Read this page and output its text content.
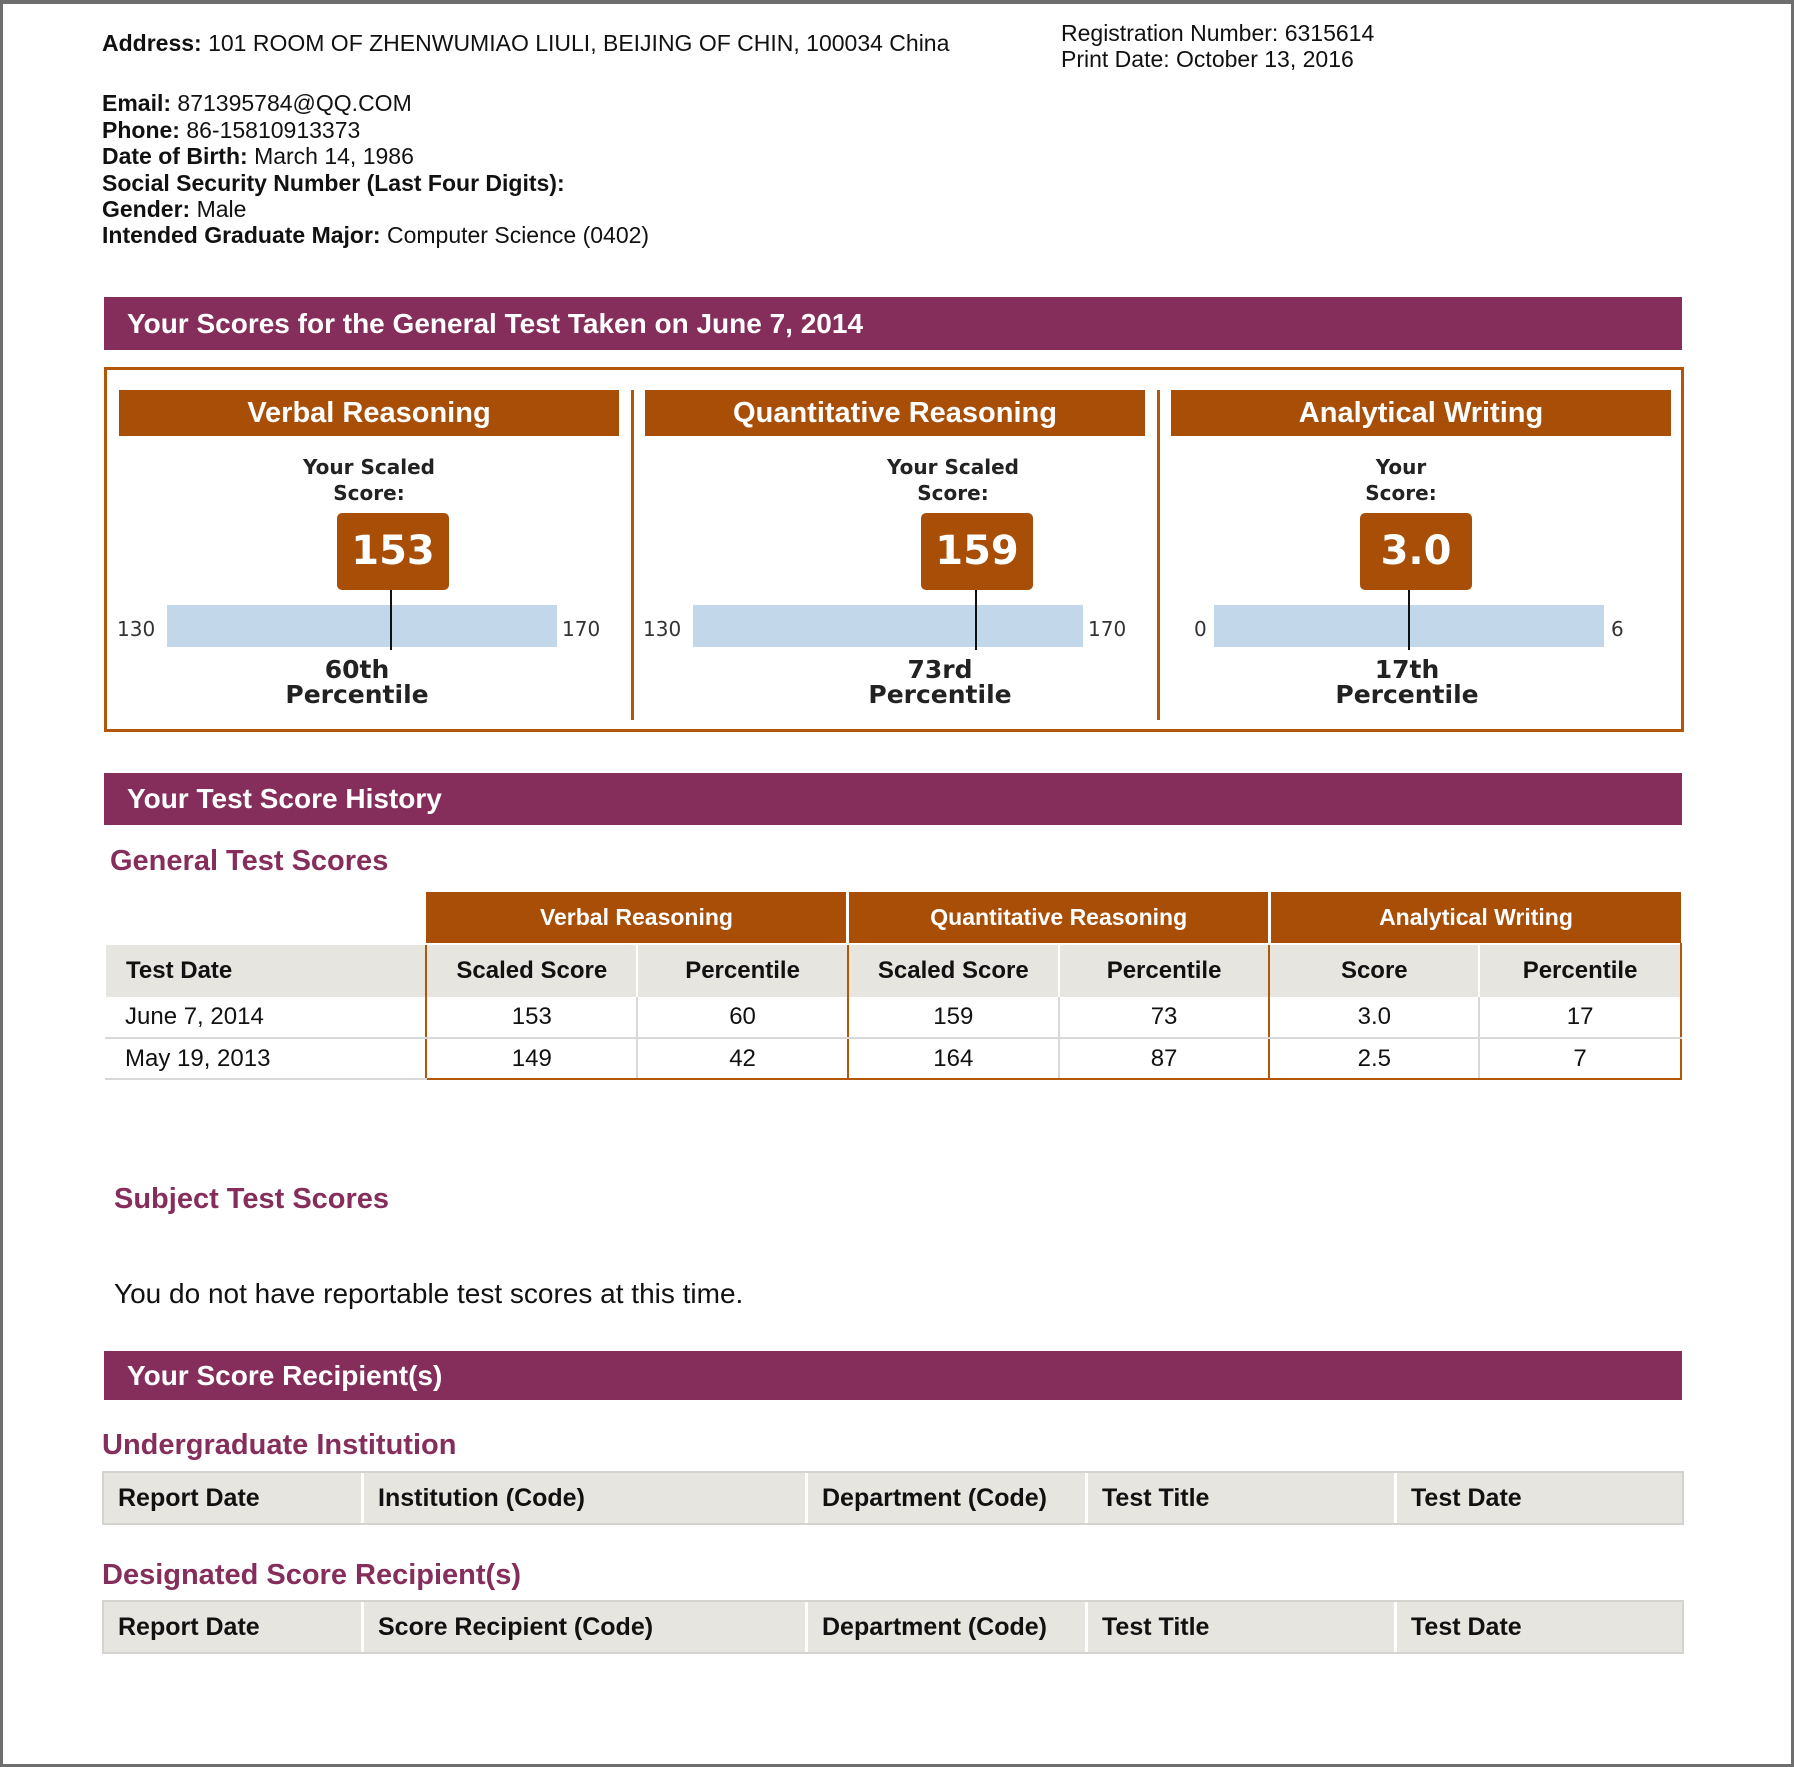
Address: 101 ROOM OF ZHENWUMIAO LIULI, BEIJING OF CHIN, 100034 China	Registration Number: 6315614
Print Date: October 13, 2016
Email: 871395784@QQ.COM
Phone: 86-15810913373
Date of Birth: March 14, 1986
Social Security Number (Last Four Digits):
Gender: Male
Intended Graduate Major: Computer Science (0402)
Your Scores for the General Test Taken on June 7, 2014
Verbal Reasoning
Your Scaled
Score:
153
130	170
60th
Percentile
Quantitative Reasoning
Your Scaled
Score:
159
130	170
73rd
Percentile
Analytical Writing
Your
Score:
3.0
0	6
17th
Percentile
Your Test Score History
General Test Scores
	Verbal Reasoning		Quantitative Reasoning		Analytical Writing	
Test Date	Scaled Score	Percentile	Scaled Score	Percentile	Score	Percentile
June 7, 2014	153	60	159	73	3.0	17
May 19, 2013	149	42	164	87	2.5	7
Subject Test Scores
You do not have reportable test scores at this time.
Your Score Recipient(s)
Undergraduate Institution
Report Date	Institution (Code)	Department (Code)	Test Title	Test Date
Designated Score Recipient(s)
Report Date	Score Recipient (Code)	Department (Code)	Test Title	Test Date
